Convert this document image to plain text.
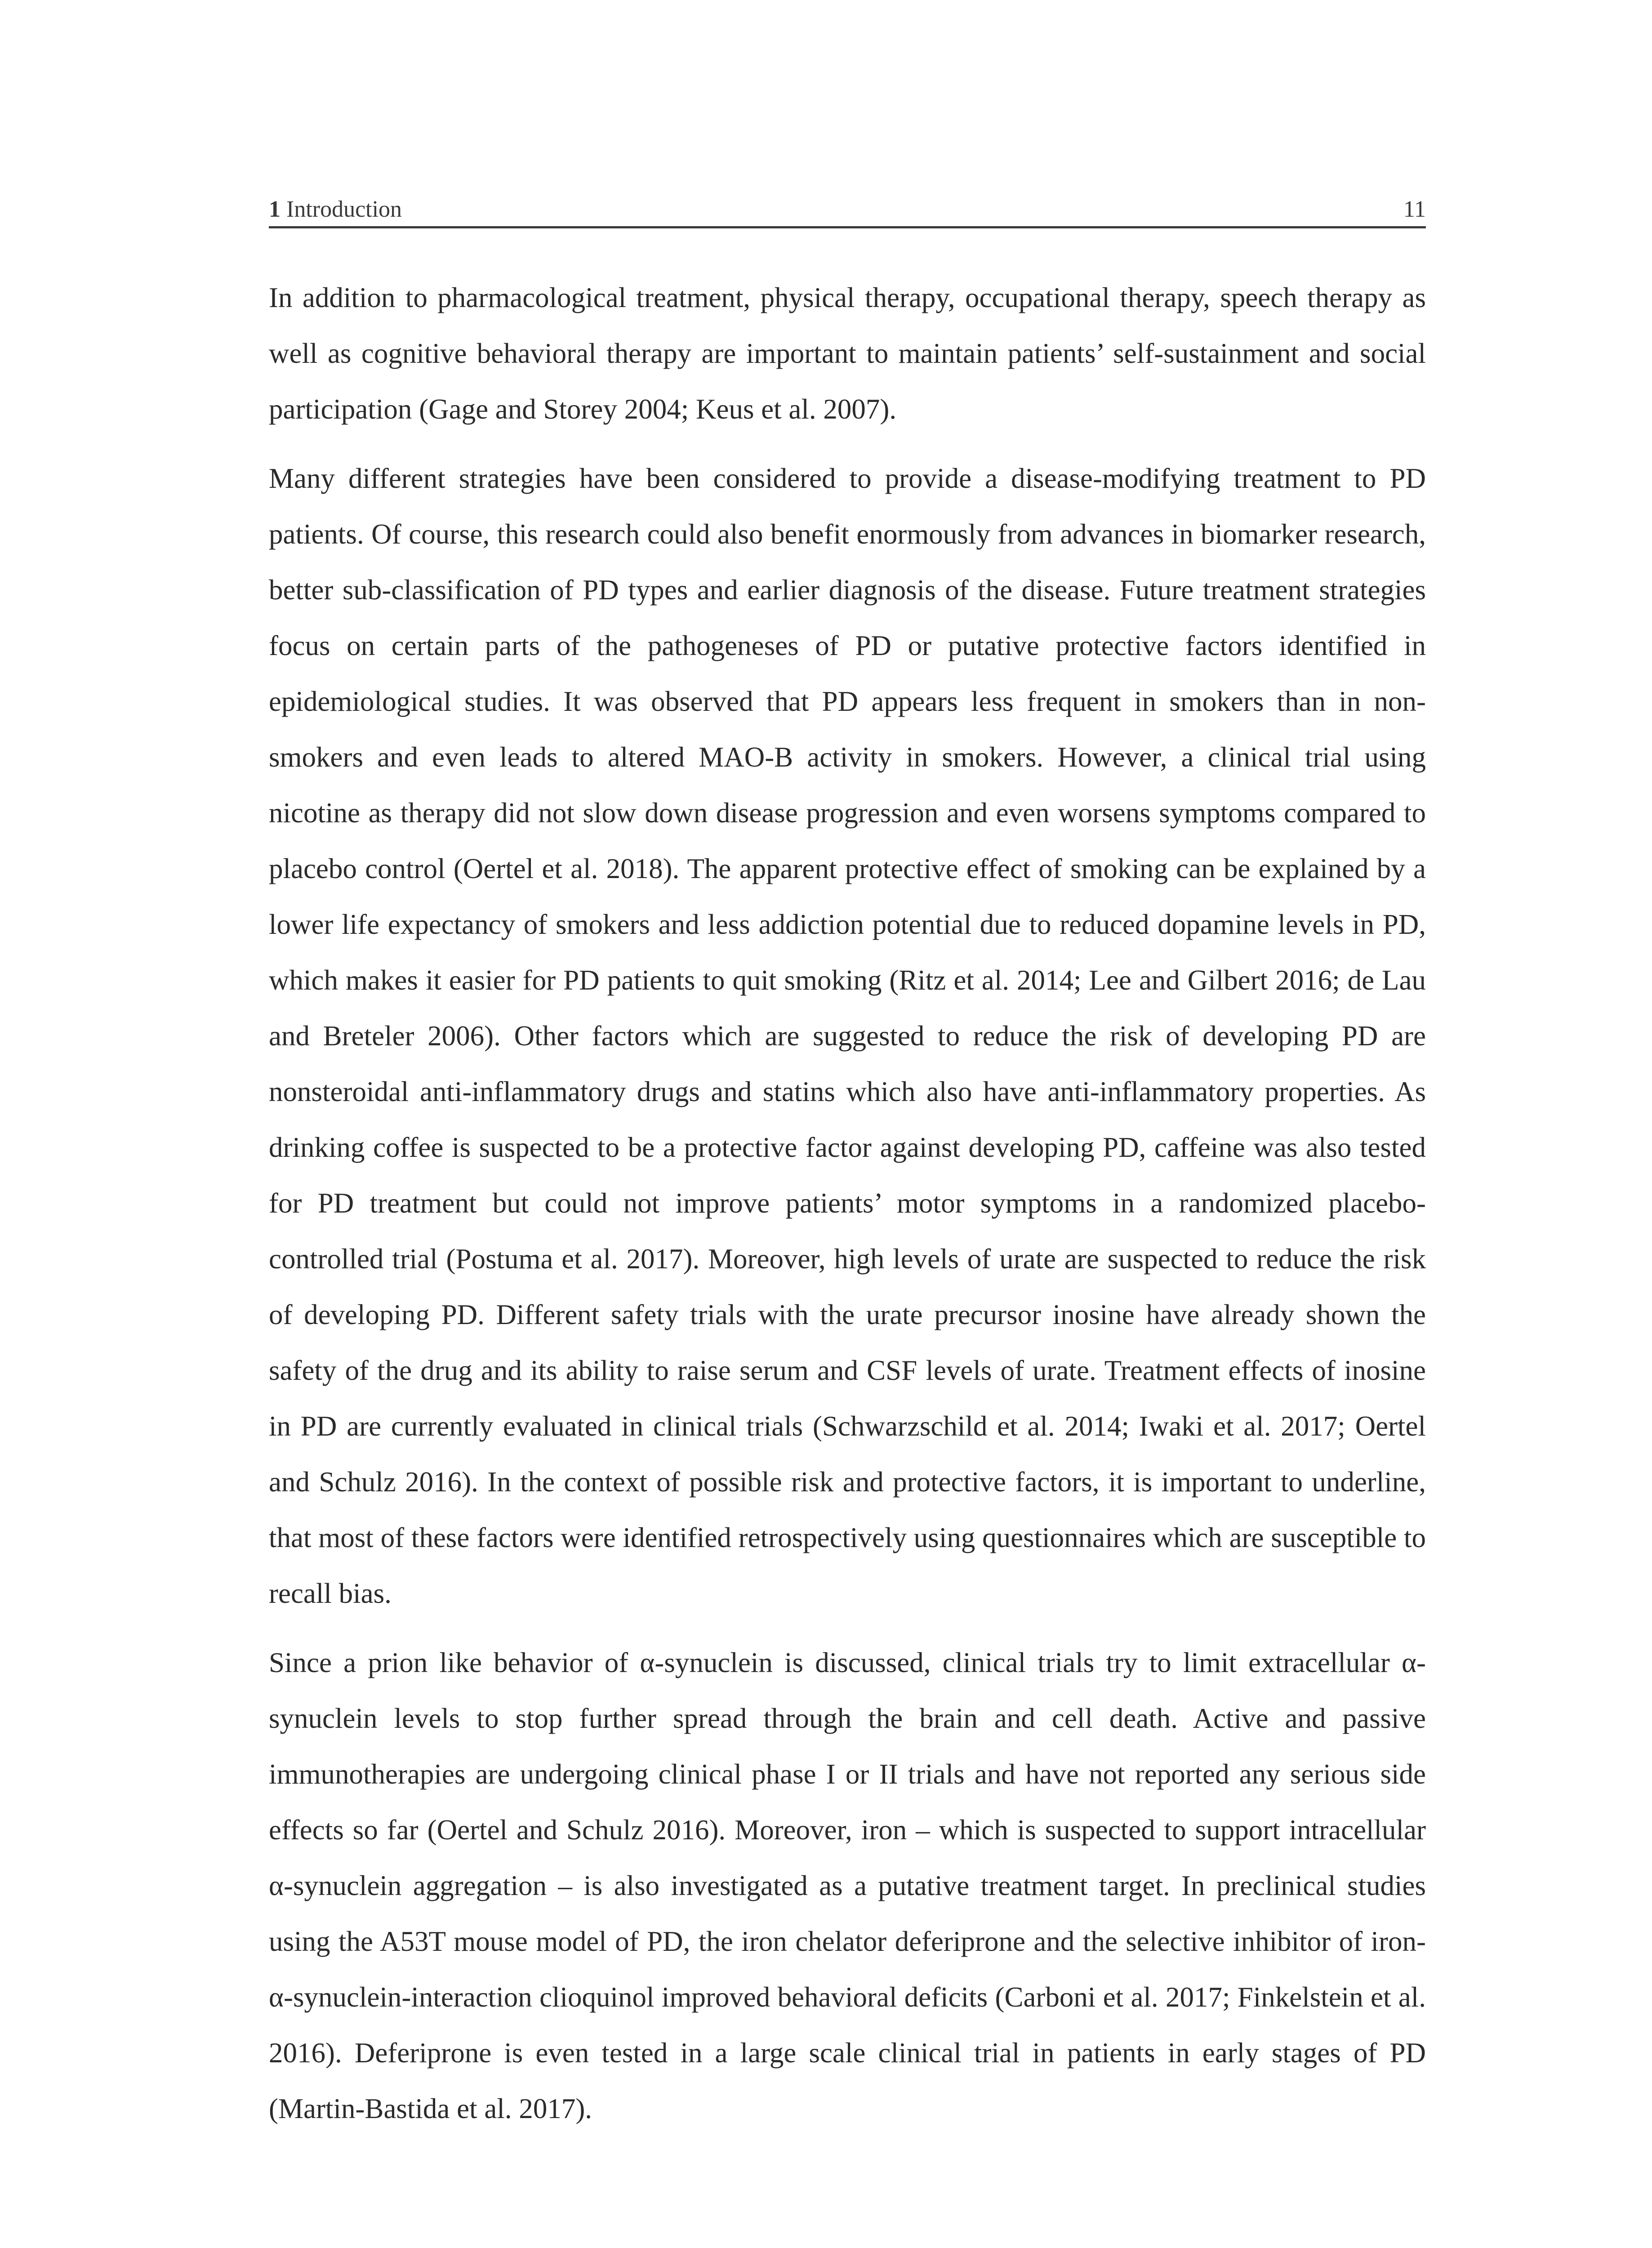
1 Introduction	11

In addition to pharmacological treatment, physical therapy, occupational therapy, speech therapy as well as cognitive behavioral therapy are important to maintain patients’ self-sustainment and social participation (Gage and Storey 2004; Keus et al. 2007).

Many different strategies have been considered to provide a disease-modifying treatment to PD patients. Of course, this research could also benefit enormously from advances in biomarker research, better sub-classification of PD types and earlier diagnosis of the disease. Future treatment strategies focus on certain parts of the pathogeneses of PD or putative protective factors identified in epidemiological studies. It was observed that PD appears less frequent in smokers than in non-smokers and even leads to altered MAO-B activity in smokers. However, a clinical trial using nicotine as therapy did not slow down disease progression and even worsens symptoms compared to placebo control (Oertel et al. 2018). The apparent protective effect of smoking can be explained by a lower life expectancy of smokers and less addiction potential due to reduced dopamine levels in PD, which makes it easier for PD patients to quit smoking (Ritz et al. 2014; Lee and Gilbert 2016; de Lau and Breteler 2006). Other factors which are suggested to reduce the risk of developing PD are nonsteroidal anti-inflammatory drugs and statins which also have anti-inflammatory properties. As drinking coffee is suspected to be a protective factor against developing PD, caffeine was also tested for PD treatment but could not improve patients’ motor symptoms in a randomized placebo-controlled trial (Postuma et al. 2017). Moreover, high levels of urate are suspected to reduce the risk of developing PD. Different safety trials with the urate precursor inosine have already shown the safety of the drug and its ability to raise serum and CSF levels of urate. Treatment effects of inosine in PD are currently evaluated in clinical trials (Schwarzschild et al. 2014; Iwaki et al. 2017; Oertel and Schulz 2016). In the context of possible risk and protective factors, it is important to underline, that most of these factors were identified retrospectively using questionnaires which are susceptible to recall bias.

Since a prion like behavior of α-synuclein is discussed, clinical trials try to limit extracellular α-synuclein levels to stop further spread through the brain and cell death. Active and passive immunotherapies are undergoing clinical phase I or II trials and have not reported any serious side effects so far (Oertel and Schulz 2016). Moreover, iron – which is suspected to support intracellular α-synuclein aggregation – is also investigated as a putative treatment target. In preclinical studies using the A53T mouse model of PD, the iron chelator deferiprone and the selective inhibitor of iron-α-synuclein-interaction clioquinol improved behavioral deficits (Carboni et al. 2017; Finkelstein et al. 2016). Deferiprone is even tested in a large scale clinical trial in patients in early stages of PD (Martin-Bastida et al. 2017).
